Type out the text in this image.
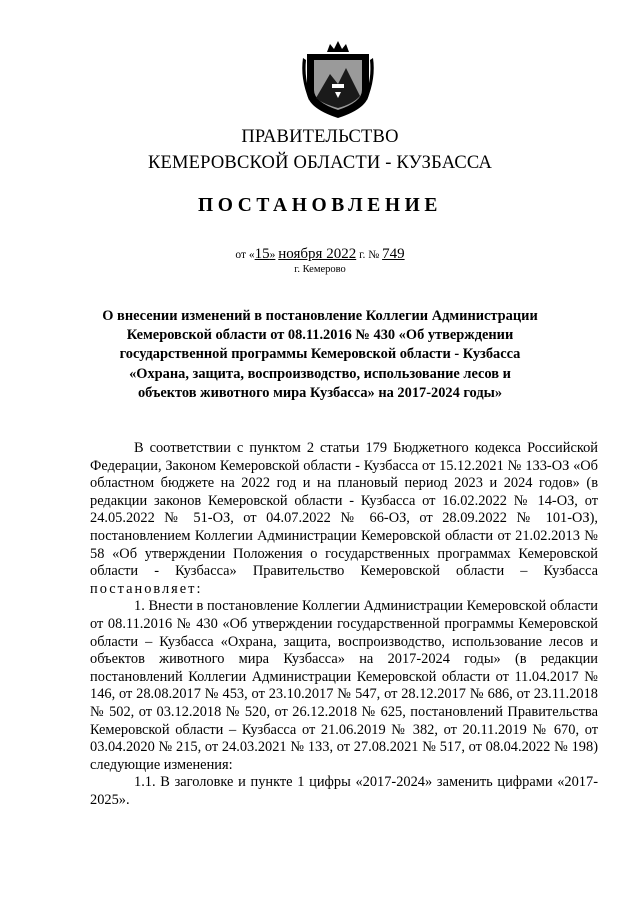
ПРАВИТЕЛЬСТВО
КЕМЕРОВСКОЙ ОБЛАСТИ - КУЗБАССА
ПОСТАНОВЛЕНИЕ
от «15» ноября 2022 г. № 749
г. Кемерово
О внесении изменений в постановление Коллегии Администрации Кемеровской области от 08.11.2016 № 430 «Об утверждении государственной программы Кемеровской области - Кузбасса «Охрана, защита, воспроизводство, использование лесов и объектов животного мира Кузбасса» на 2017-2024 годы»

В соответствии с пунктом 2 статьи 179 Бюджетного кодекса Российской Федерации, Законом Кемеровской области - Кузбасса от 15.12.2021 № 133-ОЗ «Об областном бюджете на 2022 год и на плановый период 2023 и 2024 годов» (в редакции законов Кемеровской области - Кузбасса от 16.02.2022 № 14-ОЗ, от 24.05.2022 № 51-ОЗ, от 04.07.2022 № 66-ОЗ, от 28.09.2022 № 101-ОЗ), постановлением Коллегии Администрации Кемеровской области от 21.02.2013 № 58 «Об утверждении Положения о государственных программах Кемеровской области - Кузбасса» Правительство Кемеровской области – Кузбасса постановляет:

1. Внести в постановление Коллегии Администрации Кемеровской области от 08.11.2016 № 430 «Об утверждении государственной программы Кемеровской области – Кузбасса «Охрана, защита, воспроизводство, использование лесов и объектов животного мира Кузбасса» на 2017-2024 годы» (в редакции постановлений Коллегии Администрации Кемеровской области от 11.04.2017 № 146, от 28.08.2017 № 453, от 23.10.2017 № 547, от 28.12.2017 № 686, от 23.11.2018 № 502, от 03.12.2018 № 520, от 26.12.2018 № 625, постановлений Правительства Кемеровской области – Кузбасса от 21.06.2019 № 382, от 20.11.2019 № 670, от 03.04.2020 № 215, от 24.03.2021 № 133, от 27.08.2021 № 517, от 08.04.2022 № 198) следующие изменения:

1.1. В заголовке и пункте 1 цифры «2017-2024» заменить цифрами «2017-2025».
